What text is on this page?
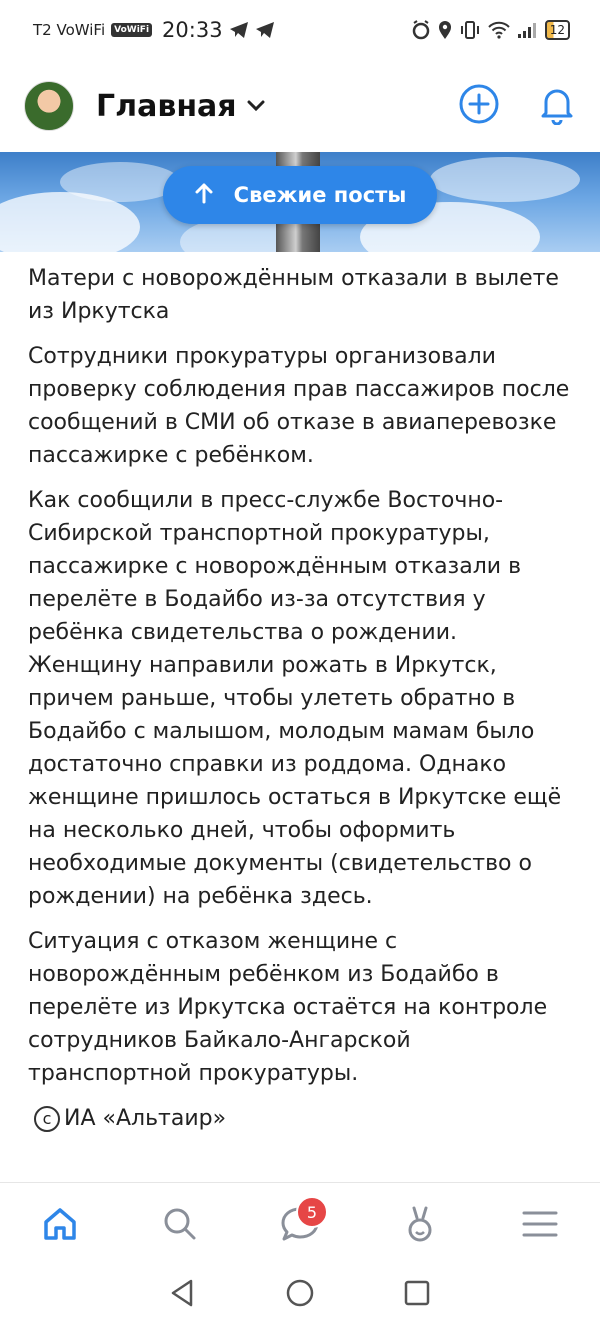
T2 VoWiFi	VoWiFi 20:33	12
Главная
Свежие посты

Матери с новорождённым отказали в вылете из Иркутска

Сотрудники прокуратуры организовали проверку соблюдения прав пассажиров после сообщений в СМИ об отказе в авиаперевозке пассажирке с ребёнком.

Как сообщили в пресс-службе Восточно-Сибирской транспортной прокуратуры, пассажирке с новорождённым отказали в перелёте в Бодайбо из-за отсутствия у ребёнка свидетельства о рождении. Женщину направили рожать в Иркутск, причем раньше, чтобы улететь обратно в Бодайбо с малышом, молодым мамам было достаточно справки из роддома. Однако женщине пришлось остаться в Иркутске ещё на несколько дней, чтобы оформить необходимые документы (свидетельство о рождении) на ребёнка здесь.

Ситуация с отказом женщине с новорождённым ребёнком из Бодайбо в перелёте из Иркутска остаётся на контроле сотрудников Байкало-Ангарской транспортной прокуратуры.

c ИА «Альтаир»
5
